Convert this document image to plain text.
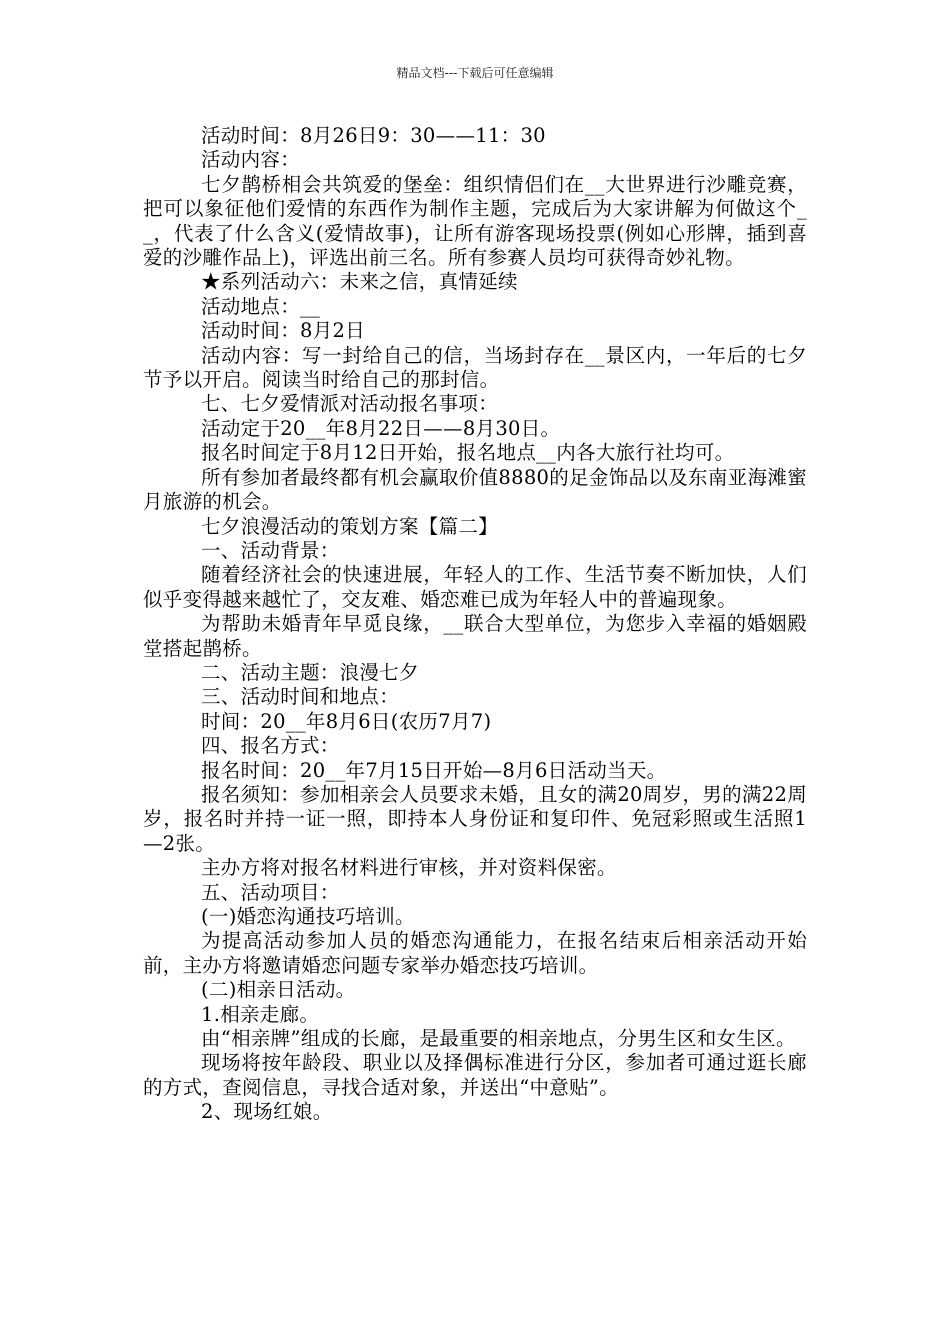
精品文档---下载后可任意编辑

活动时间：8月26日9：30——11：30

活动内容：

七夕鹊桥相会共筑爱的堡垒：组织情侣们在__大世界进行沙雕竞赛，把可以象征他们爱情的东西作为制作主题，完成后为大家讲解为何做这个__，代表了什么含义(爱情故事)，让所有游客现场投票(例如心形牌，插到喜爱的沙雕作品上)，评选出前三名。所有参赛人员均可获得奇妙礼物。

★系列活动六：未来之信，真情延续

活动地点：__

活动时间：8月2日

活动内容：写一封给自己的信，当场封存在__景区内，一年后的七夕节予以开启。阅读当时给自己的那封信。

七、七夕爱情派对活动报名事项：

活动定于20__年8月22日——8月30日。

报名时间定于8月12日开始，报名地点__内各大旅行社均可。

所有参加者最终都有机会赢取价值8880的足金饰品以及东南亚海滩蜜月旅游的机会。

七夕浪漫活动的策划方案【篇二】

一、活动背景：

随着经济社会的快速进展，年轻人的工作、生活节奏不断加快，人们似乎变得越来越忙了，交友难、婚恋难已成为年轻人中的普遍现象。

为帮助未婚青年早觅良缘，__联合大型单位，为您步入幸福的婚姻殿堂搭起鹊桥。

二、活动主题：浪漫七夕

三、活动时间和地点：

时间：20__年8月6日(农历7月7)

四、报名方式：

报名时间：20__年7月15日开始—8月6日活动当天。

报名须知：参加相亲会人员要求未婚，且女的满20周岁，男的满22周岁，报名时并持一证一照，即持本人身份证和复印件、免冠彩照或生活照1—2张。

主办方将对报名材料进行审核，并对资料保密。

五、活动项目：

(一)婚恋沟通技巧培训。

为提高活动参加人员的婚恋沟通能力，在报名结束后相亲活动开始前，主办方将邀请婚恋问题专家举办婚恋技巧培训。

(二)相亲日活动。

1.相亲走廊。

由“相亲牌”组成的长廊，是最重要的相亲地点，分男生区和女生区。

现场将按年龄段、职业以及择偶标准进行分区，参加者可通过逛长廊的方式，查阅信息，寻找合适对象，并送出“中意贴”。

2、现场红娘。
